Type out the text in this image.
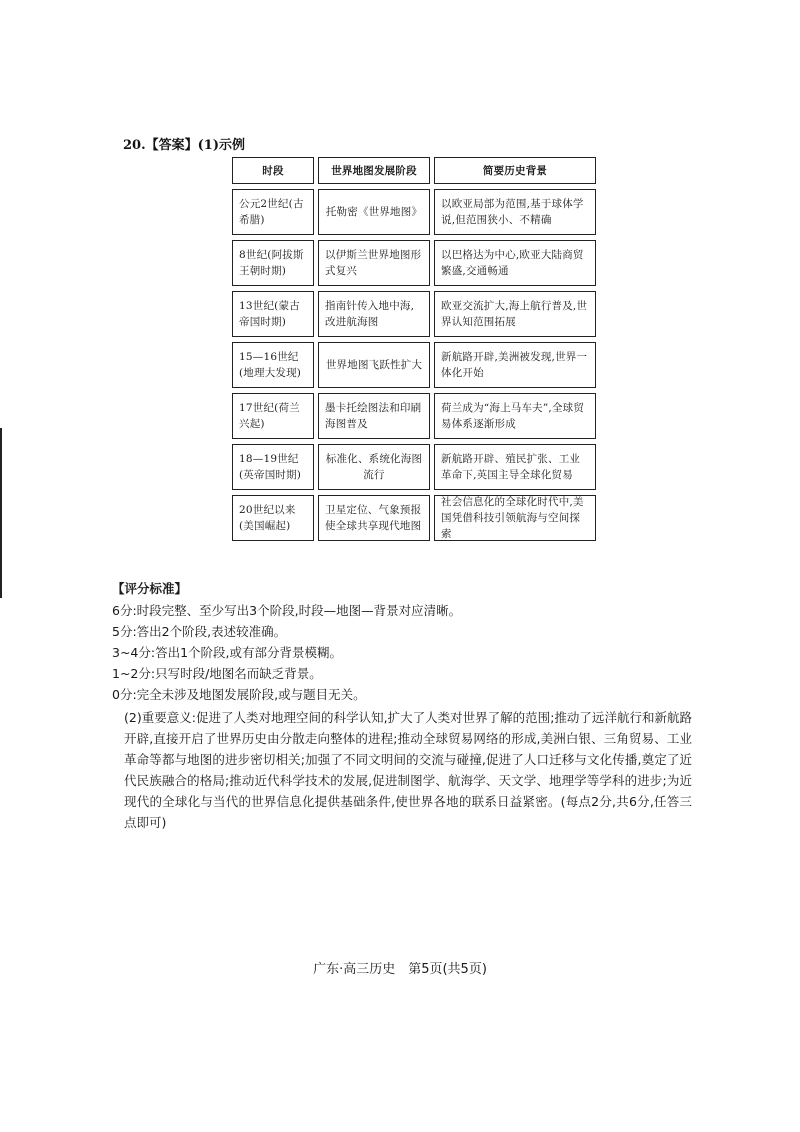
20.【答案】(1)示例
时段	世界地图发展阶段	简要历史背景
公元2世纪(古希腊)
托勒密《世界地图》
以欧亚局部为范围,基于球体学说,但范围狭小、不精确
8世纪(阿拔斯王朝时期)
以伊斯兰世界地图形式复兴
以巴格达为中心,欧亚大陆商贸繁盛,交通畅通
13世纪(蒙古帝国时期)
指南针传入地中海,改进航海图
欧亚交流扩大,海上航行普及,世界认知范围拓展
15—16世纪(地理大发现)
世界地图飞跃性扩大
新航路开辟,美洲被发现,世界一体化开始
17世纪(荷兰兴起)
墨卡托绘图法和印刷海图普及
荷兰成为“海上马车夫”,全球贸易体系逐渐形成
18—19世纪(英帝国时期)
标准化、系统化海图流行
新航路开辟、殖民扩张、工业革命下,英国主导全球化贸易
20世纪以来(美国崛起)
卫星定位、气象预报使全球共享现代地图
社会信息化的全球化时代中,美国凭借科技引领航海与空间探索
【评分标准】
6分:时段完整、至少写出3个阶段,时段—地图—背景对应清晰。
5分:答出2个阶段,表述较准确。
3~4分:答出1个阶段,或有部分背景模糊。
1~2分:只写时段/地图名而缺乏背景。
0分:完全未涉及地图发展阶段,或与题目无关。
(2)重要意义:促进了人类对地理空间的科学认知,扩大了人类对世界了解的范围;推动了远洋航行和新航路开辟,直接开启了世界历史由分散走向整体的进程;推动全球贸易网络的形成,美洲白银、三角贸易、工业革命等都与地图的进步密切相关;加强了不同文明间的交流与碰撞,促进了人口迁移与文化传播,奠定了近代民族融合的格局;推动近代科学技术的发展,促进制图学、航海学、天文学、地理学等学科的进步;为近现代的全球化与当代的世界信息化提供基础条件,使世界各地的联系日益紧密。(每点2分,共6分,任答三点即可)
广东·高三历史　第5页(共5页)
